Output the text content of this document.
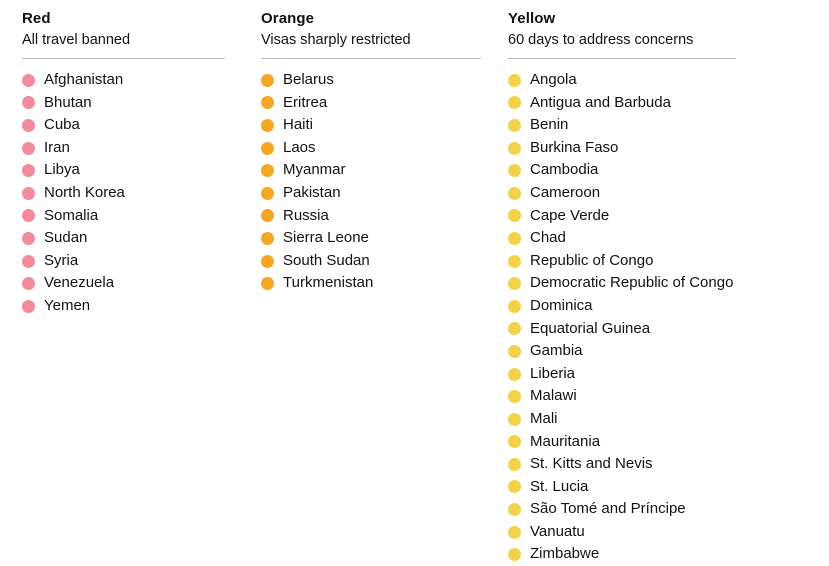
Red
All travel banned
Afghanistan
Bhutan
Cuba
Iran
Libya
North Korea
Somalia
Sudan
Syria
Venezuela
Yemen
Orange
Visas sharply restricted
Belarus
Eritrea
Haiti
Laos
Myanmar
Pakistan
Russia
Sierra Leone
South Sudan
Turkmenistan
Yellow
60 days to address concerns
Angola
Antigua and Barbuda
Benin
Burkina Faso
Cambodia
Cameroon
Cape Verde
Chad
Republic of Congo
Democratic Republic of Congo
Dominica
Equatorial Guinea
Gambia
Liberia
Malawi
Mali
Mauritania
St. Kitts and Nevis
St. Lucia
São Tomé and Príncipe
Vanuatu
Zimbabwe
